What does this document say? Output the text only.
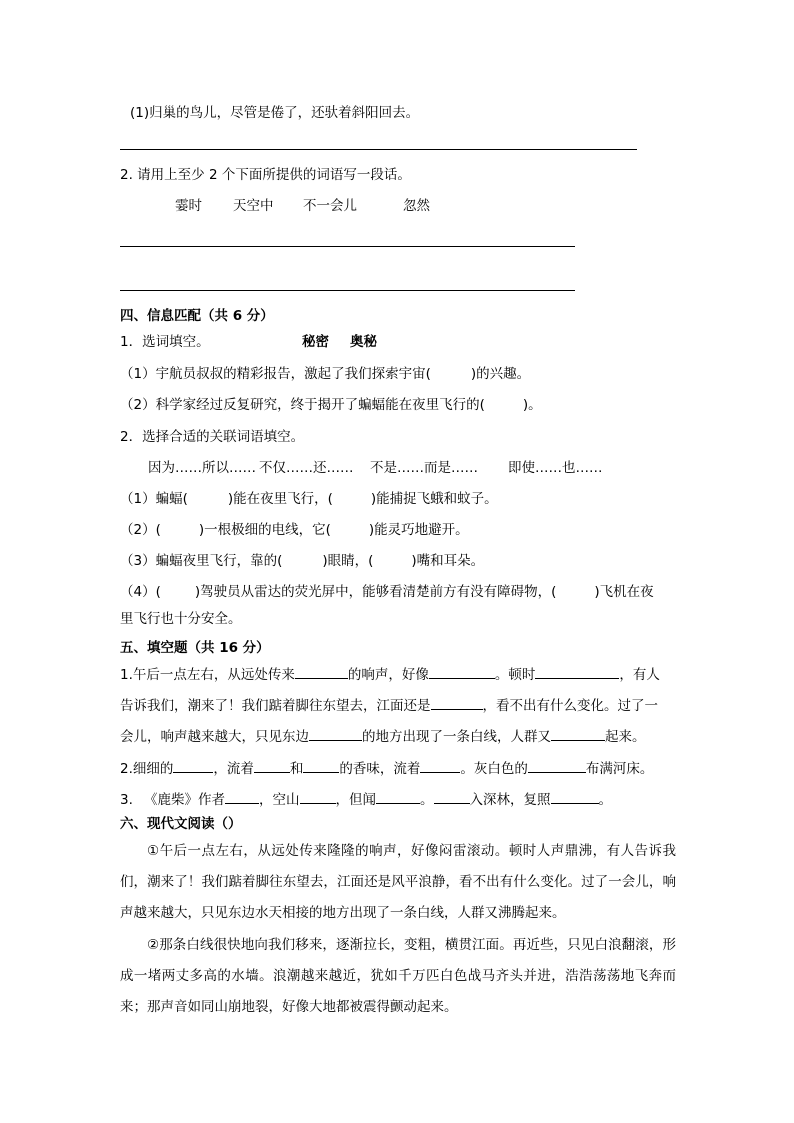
(1)归巢的鸟儿，尽管是倦了，还驮着斜阳回去。
2. 请用上至少 2 个下面所提供的词语写一段话。
霎时 天空中 不一会儿	忽然
四、信息匹配（共 6 分）
1．选词填空。	秘密 奥秘
（1）宇航员叔叔的精彩报告，激起了我们探索宇宙(	)的兴趣。
（2）科学家经过反复研究，终于揭开了蝙蝠能在夜里飞行的(	)。
2．选择合适的关联词语填空。
因为……所以…… 不仅……还…… 不是……而是…… 即使……也……
（1）蝙蝠(	)能在夜里飞行，(	)能捕捉飞蛾和蚊子。
（2）(	)一根极细的电线，它(	)能灵巧地避开。
（3）蝙蝠夜里飞行，靠的(	)眼睛，(	)嘴和耳朵。
（4）(	)驾驶员从雷达的荧光屏中，能够看清楚前方有没有障碍物，(	)飞机在夜
里飞行也十分安全。
五、填空题（共 16 分）
1.午后一点左右，从远处传来	的响声，好像	。顿时	，有人
告诉我们，潮来了！我们踮着脚往东望去，江面还是	，看不出有什么变化。过了一
会儿，响声越来越大，只见东边	的地方出现了一条白线，人群又	起来。
2.细细的	，流着	和	的香味，流着	。灰白色的	布满河床。
3. 《鹿柴》作者	，空山	，但闻	。	入深林，复照	。
六、现代文阅读（）
①午后一点左右，从远处传来隆隆的响声，好像闷雷滚动。顿时人声鼎沸，有人告诉我们，潮来了！我们踮着脚往东望去，江面还是风平浪静，看不出有什么变化。过了一会儿，响声越来越大，只见东边水天相接的地方出现了一条白线，人群又沸腾起来。
②那条白线很快地向我们移来，逐渐拉长，变粗，横贯江面。再近些，只见白浪翻滚，形成一堵两丈多高的水墙。浪潮越来越近，犹如千万匹白色战马齐头并进，浩浩荡荡地飞奔而来；那声音如同山崩地裂，好像大地都被震得颤动起来。
